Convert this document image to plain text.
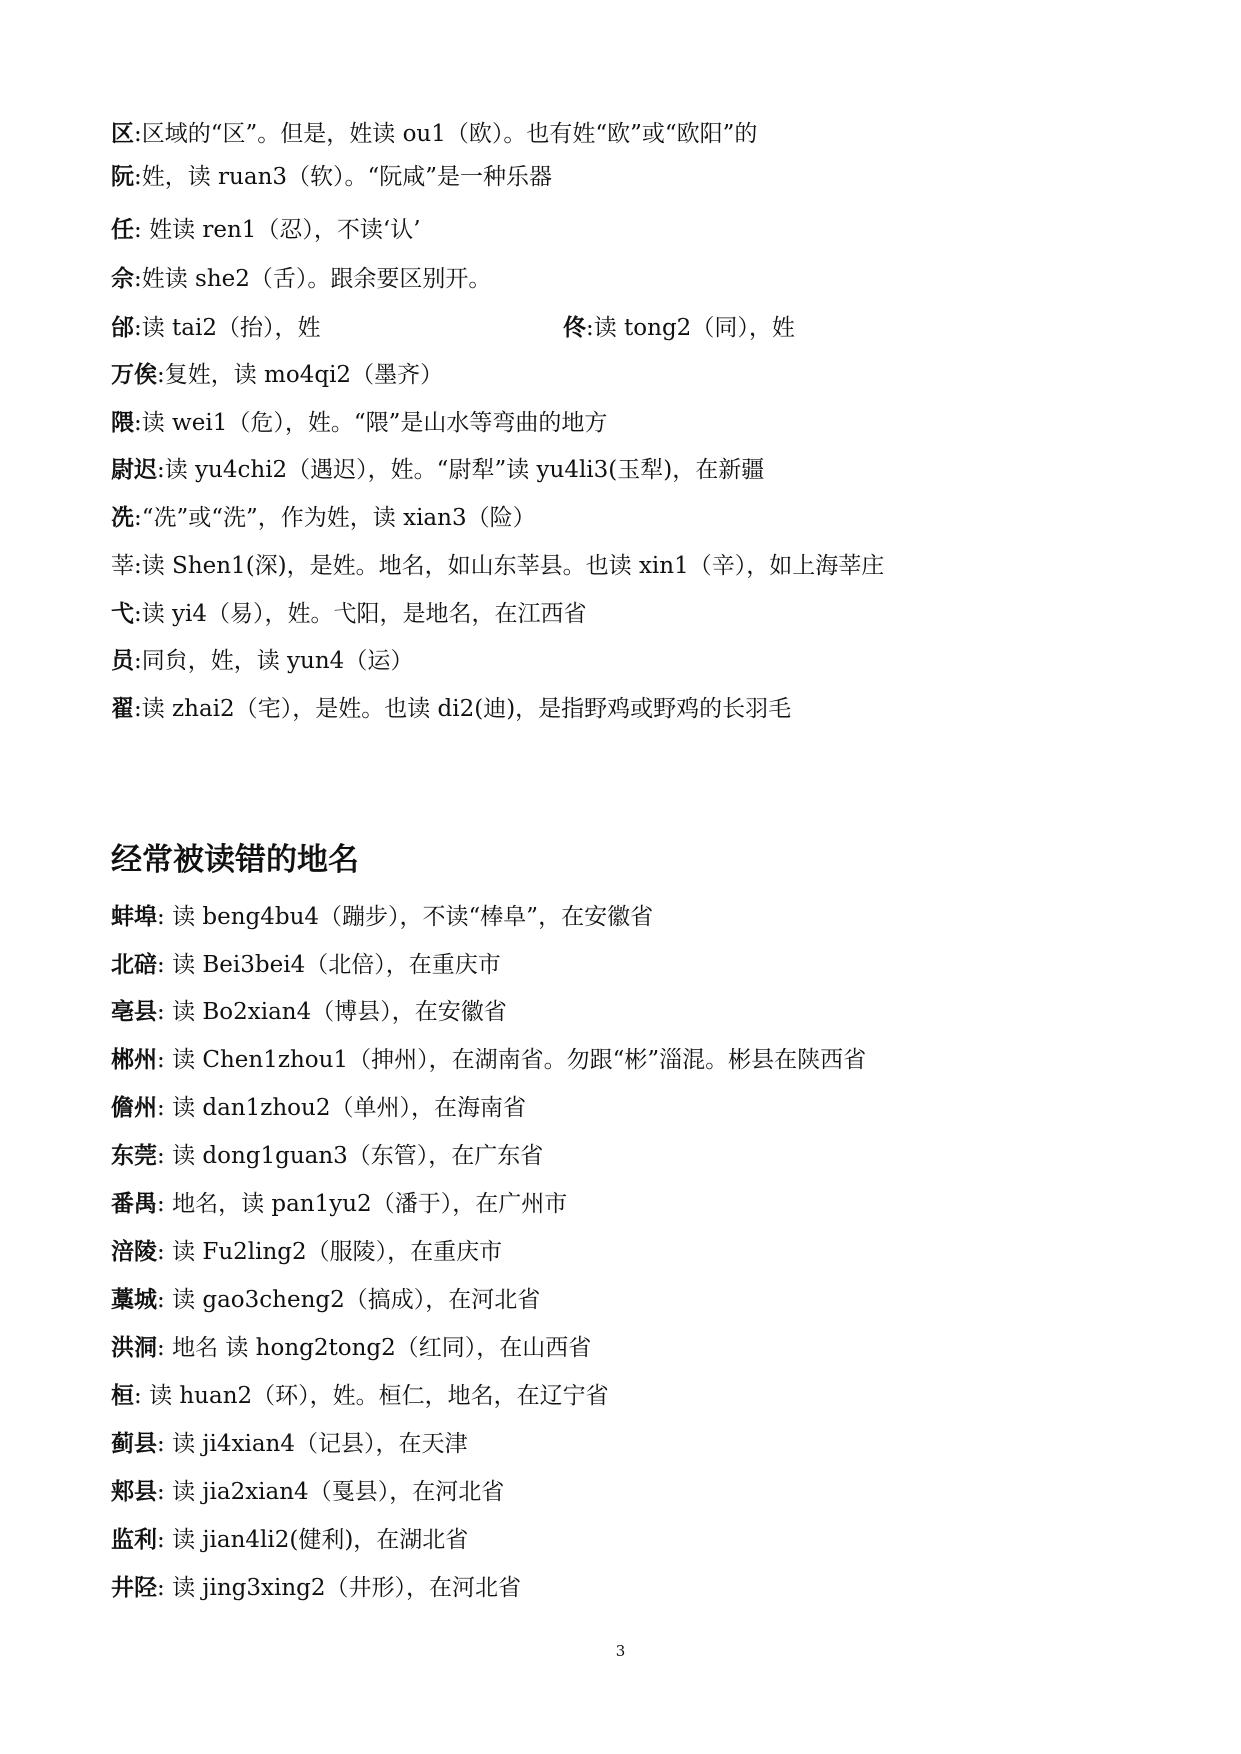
区:区域的“区”。但是，姓读 ou1（欧）。也有姓“欧”或“欧阳”的
阮:姓，读 ruan3（软）。“阮咸”是一种乐器
任: 姓读 ren1（忍），不读‘认’
佘:姓读 she2（舌）。跟余要区别开。
邰:读 tai2（抬），姓	佟:读 tong2（同），姓
万俟:复姓，读 mo4qi2（墨齐）
隈:读 wei1（危），姓。“隈”是山水等弯曲的地方
尉迟:读 yu4chi2（遇迟），姓。“尉犁”读 yu4li3(玉犁)，在新疆
冼:“冼”或“洗”，作为姓，读 xian3（险）
莘:读 Shen1(深)，是姓。地名，如山东莘县。也读 xin1（辛），如上海莘庄
弋:读 yi4（易），姓。弋阳，是地名，在江西省
员:同贠，姓，读 yun4（运）
翟:读 zhai2（宅），是姓。也读 di2(迪)，是指野鸡或野鸡的长羽毛
经常被读错的地名
蚌埠: 读 beng4bu4（蹦步），不读“棒阜”，在安徽省
北碚: 读 Bei3bei4（北倍），在重庆市
亳县: 读 Bo2xian4（博县），在安徽省
郴州: 读 Chen1zhou1（抻州），在湖南省。勿跟“彬”淄混。彬县在陕西省
儋州: 读 dan1zhou2（单州），在海南省
东莞: 读 dong1guan3（东管），在广东省
番禺: 地名，读 pan1yu2（潘于），在广州市
涪陵: 读 Fu2ling2（服陵），在重庆市
藁城: 读 gao3cheng2（搞成），在河北省
洪洞: 地名 读 hong2tong2（红同），在山西省
桓: 读 huan2（环），姓。桓仁，地名，在辽宁省
蓟县: 读 ji4xian4（记县），在天津
郏县: 读 jia2xian4（戛县），在河北省
监利: 读 jian4li2(健利)，在湖北省
井陉: 读 jing3xing2（井形），在河北省
3
